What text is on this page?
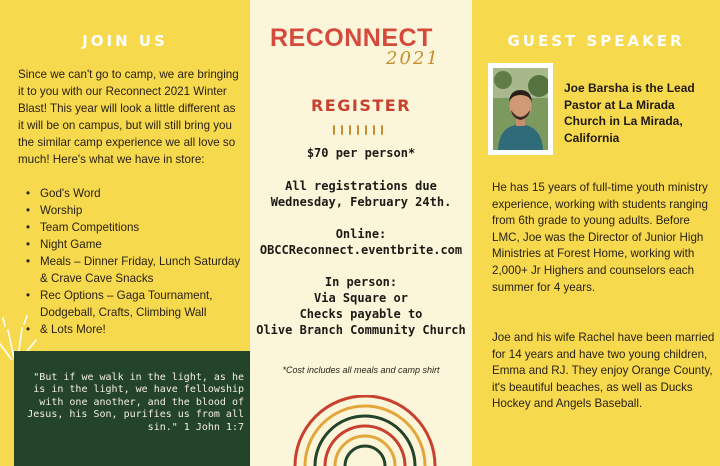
JOIN US

Since we can't go to camp, we are bringing it to you with our Reconnect 2021 Winter Blast! This year will look a little different as it will be on campus, but will still bring you the similar camp experience we all love so much! Here's what we have in store:

• God's Word
• Worship
• Team Competitions
• Night Game
• Meals – Dinner Friday, Lunch Saturday & Crave Cave Snacks
• Rec Options – Gaga Tournament, Dodgeball, Crafts, Climbing Wall
• & Lots More!

"But if we walk in the light, as he is in the light, we have fellowship with one another, and the blood of Jesus, his Son, purifies us from all sin." 1 John 1:7

RECONNECT
2021
REGISTER
$70 per person*
All registrations due
Wednesday, February 24th.
Online:
OBCCReconnect.eventbrite.com
In person:
Via Square or
Checks payable to
Olive Branch Community Church
*Cost includes all meals and camp shirt
GUEST SPEAKER

Joe Barsha is the Lead Pastor at La Mirada Church in La Mirada, California

He has 15 years of full-time youth ministry experience, working with students ranging from 6th grade to young adults. Before LMC, Joe was the Director of Junior High Ministries at Forest Home, working with 2,000+ Jr Highers and counselors each summer for 4 years.

Joe and his wife Rachel have been married for 14 years and have two young children, Emma and RJ. They enjoy Orange County, it's beautiful beaches, as well as Ducks Hockey and Angels Baseball.
